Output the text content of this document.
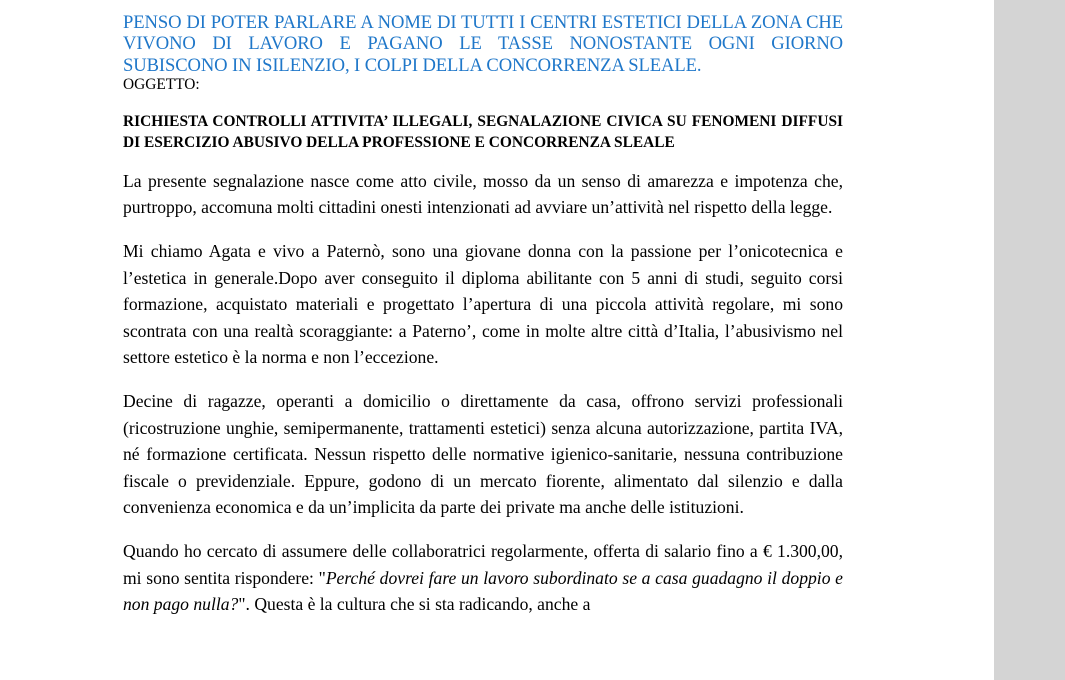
PENSO DI POTER PARLARE A NOME DI TUTTI I CENTRI ESTETICI DELLA ZONA CHE VIVONO DI LAVORO E PAGANO LE TASSE NONOSTANTE OGNI GIORNO SUBISCONO IN ISILENZIO, I COLPI DELLA CONCORRENZA SLEALE.

OGGETTO:

RICHIESTA CONTROLLI ATTIVITA’ ILLEGALI, SEGNALAZIONE CIVICA SU FENOMENI DIFFUSI DI ESERCIZIO ABUSIVO DELLA PROFESSIONE E CONCORRENZA SLEALE

La presente segnalazione nasce come atto civile, mosso da un senso di amarezza e impotenza che, purtroppo, accomuna molti cittadini onesti intenzionati ad avviare un’attività nel rispetto della legge.

Mi chiamo Agata e vivo a Paternò, sono una giovane donna con la passione per l’onicotecnica e l’estetica in generale.Dopo aver conseguito il diploma abilitante con 5 anni di studi, seguito corsi formazione, acquistato materiali e progettato l’apertura di una piccola attività regolare, mi sono scontrata con una realtà scoraggiante: a Paterno’, come in molte altre città d’Italia, l’abusivismo nel settore estetico è la norma e non l’eccezione.

Decine di ragazze, operanti a domicilio o direttamente da casa, offrono servizi professionali (ricostruzione unghie, semipermanente, trattamenti estetici) senza alcuna autorizzazione, partita IVA, né formazione certificata. Nessun rispetto delle normative igienico-sanitarie, nessuna contribuzione fiscale o previdenziale. Eppure, godono di un mercato fiorente, alimentato dal silenzio e dalla convenienza economica e da un’implicita da parte dei private ma anche delle istituzioni.

Quando ho cercato di assumere delle collaboratrici regolarmente, offerta di salario fino a € 1.300,00, mi sono sentita rispondere: "Perché dovrei fare un lavoro subordinato se a casa guadagno il doppio e non pago nulla?". Questa è la cultura che si sta radicando, anche a
